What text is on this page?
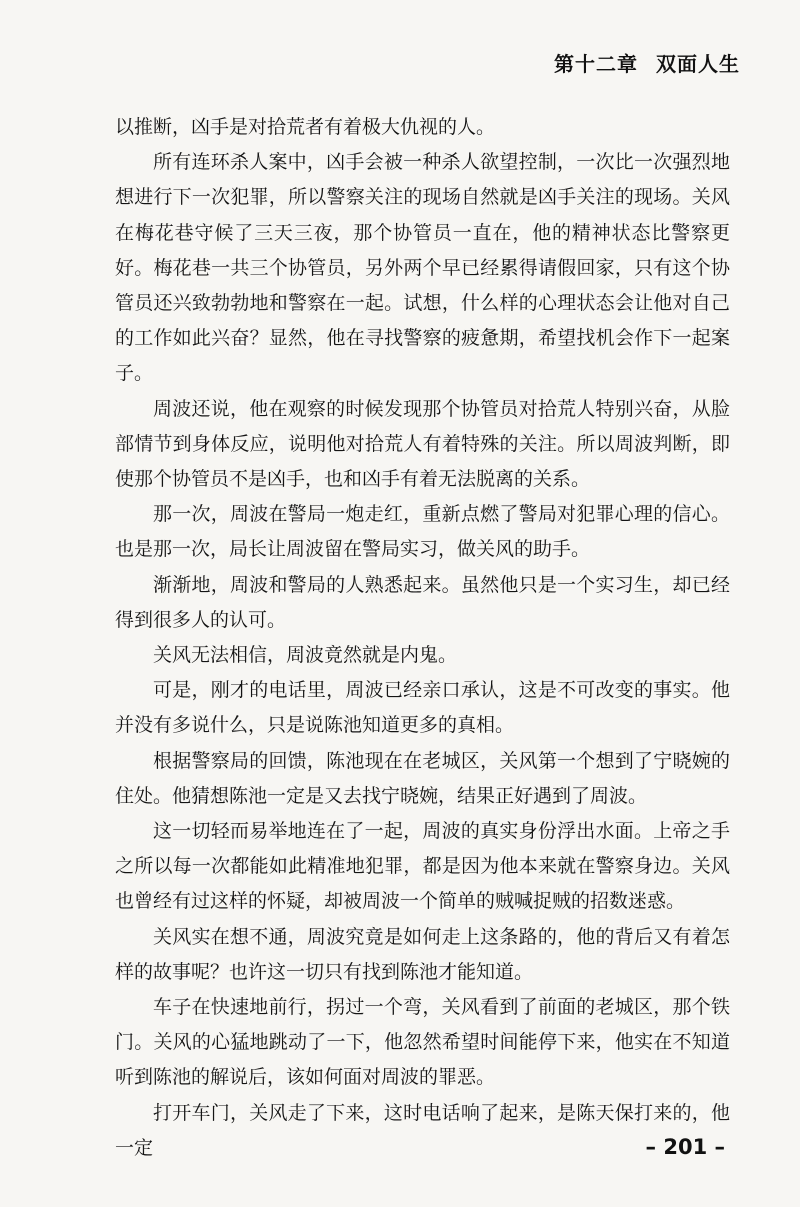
第十二章 双面人生

以推断，凶手是对拾荒者有着极大仇视的人。

所有连环杀人案中，凶手会被一种杀人欲望控制，一次比一次强烈地想进行下一次犯罪，所以警察关注的现场自然就是凶手关注的现场。关风在梅花巷守候了三天三夜，那个协管员一直在，他的精神状态比警察更好。梅花巷一共三个协管员，另外两个早已经累得请假回家，只有这个协管员还兴致勃勃地和警察在一起。试想，什么样的心理状态会让他对自己的工作如此兴奋？显然，他在寻找警察的疲惫期，希望找机会作下一起案子。

周波还说，他在观察的时候发现那个协管员对拾荒人特别兴奋，从脸部情节到身体反应，说明他对拾荒人有着特殊的关注。所以周波判断，即使那个协管员不是凶手，也和凶手有着无法脱离的关系。

那一次，周波在警局一炮走红，重新点燃了警局对犯罪心理的信心。也是那一次，局长让周波留在警局实习，做关风的助手。

渐渐地，周波和警局的人熟悉起来。虽然他只是一个实习生，却已经得到很多人的认可。

关风无法相信，周波竟然就是内鬼。

可是，刚才的电话里，周波已经亲口承认，这是不可改变的事实。他并没有多说什么，只是说陈池知道更多的真相。

根据警察局的回馈，陈池现在在老城区，关风第一个想到了宁晓婉的住处。他猜想陈池一定是又去找宁晓婉，结果正好遇到了周波。

这一切轻而易举地连在了一起，周波的真实身份浮出水面。上帝之手之所以每一次都能如此精准地犯罪，都是因为他本来就在警察身边。关风也曾经有过这样的怀疑，却被周波一个简单的贼喊捉贼的招数迷惑。

关风实在想不通，周波究竟是如何走上这条路的，他的背后又有着怎样的故事呢？也许这一切只有找到陈池才能知道。

车子在快速地前行，拐过一个弯，关风看到了前面的老城区，那个铁门。关风的心猛地跳动了一下，他忽然希望时间能停下来，他实在不知道听到陈池的解说后，该如何面对周波的罪恶。

打开车门，关风走了下来，这时电话响了起来，是陈天保打来的，他一定	– 201 –
